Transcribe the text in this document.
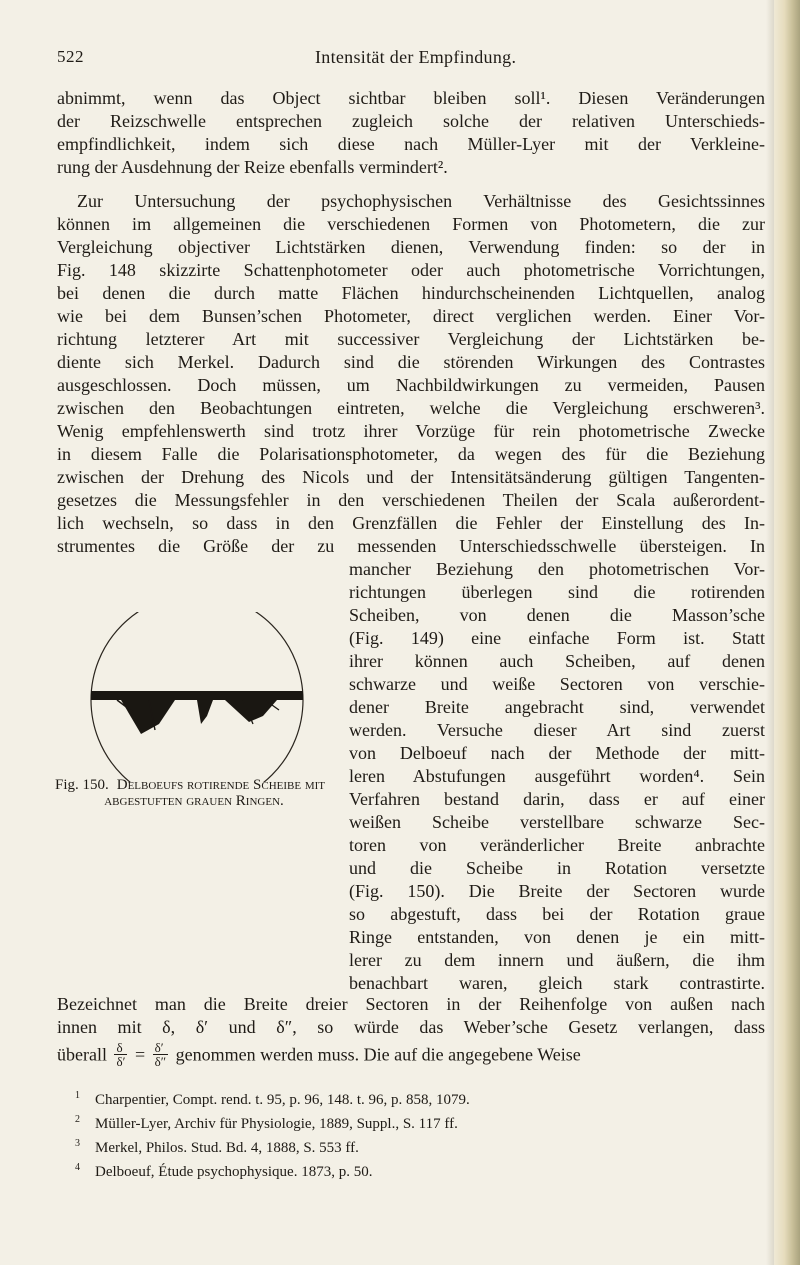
522	Intensität der Empfindung.
abnimmt, wenn das Object sichtbar bleiben soll¹. Diesen Veränderungen
der Reizschwelle entsprechen zugleich solche der relativen Unterschieds-
empfindlichkeit, indem sich diese nach Müller-Lyer mit der Verkleine-
rung der Ausdehnung der Reize ebenfalls vermindert².
Zur Untersuchung der psychophysischen Verhältnisse des Gesichtssinnes
können im allgemeinen die verschiedenen Formen von Photometern, die zur
Vergleichung objectiver Lichtstärken dienen, Verwendung finden: so der in
Fig. 148 skizzirte Schattenphotometer oder auch photometrische Vorrichtungen,
bei denen die durch matte Flächen hindurchscheinenden Lichtquellen, analog
wie bei dem Bunsen’schen Photometer, direct verglichen werden. Einer Vor-
richtung letzterer Art mit successiver Vergleichung der Lichtstärken be-
diente sich Merkel. Dadurch sind die störenden Wirkungen des Contrastes
ausgeschlossen. Doch müssen, um Nachbildwirkungen zu vermeiden, Pausen
zwischen den Beobachtungen eintreten, welche die Vergleichung erschweren³.
Wenig empfehlenswerth sind trotz ihrer Vorzüge für rein photometrische Zwecke
in diesem Falle die Polarisationsphotometer, da wegen des für die Beziehung
zwischen der Drehung des Nicols und der Intensitätsänderung gültigen Tangenten-
gesetzes die Messungsfehler in den verschiedenen Theilen der Scala außerordent-
lich wechseln, so dass in den Grenzfällen die Fehler der Einstellung des In-
strumentes die Größe der zu messenden Unterschiedsschwelle übersteigen. In
mancher Beziehung den photometrischen Vor-
richtungen überlegen sind die rotirenden
Scheiben, von denen die Masson’sche
(Fig. 149) eine einfache Form ist. Statt
ihrer können auch Scheiben, auf denen
schwarze und weiße Sectoren von verschie-
dener Breite angebracht sind, verwendet
werden. Versuche dieser Art sind zuerst
von Delboeuf nach der Methode der mitt-
leren Abstufungen ausgeführt worden⁴. Sein
Verfahren bestand darin, dass er auf einer
weißen Scheibe verstellbare schwarze Sec-
toren von veränderlicher Breite anbrachte
und die Scheibe in Rotation versetzte
(Fig. 150). Die Breite der Sectoren wurde
so abgestuft, dass bei der Rotation graue
Ringe entstanden, von denen je ein mitt-
lerer zu dem innern und äußern, die ihm
benachbart waren, gleich stark contrastirte.
Fig. 150. Delboeufs rotirende Scheibe mit abgestuften grauen Ringen.
Bezeichnet man die Breite dreier Sectoren in der Reihenfolge von außen nach
innen mit δ, δ′ und δ″, so würde das Weber’sche Gesetz verlangen, dass
überall $\frac{\delta}{\delta'} = \frac{\delta'}{\delta''}$ genommen werden muss. Die auf die angegebene Weise
1 Charpentier, Compt. rend. t. 95, p. 96, 148. t. 96, p. 858, 1079.
2 Müller-Lyer, Archiv für Physiologie, 1889, Suppl., S. 117 ff.
3 Merkel, Philos. Stud. Bd. 4, 1888, S. 553 ff.
4 Delboeuf, Étude psychophysique. 1873, p. 50.
